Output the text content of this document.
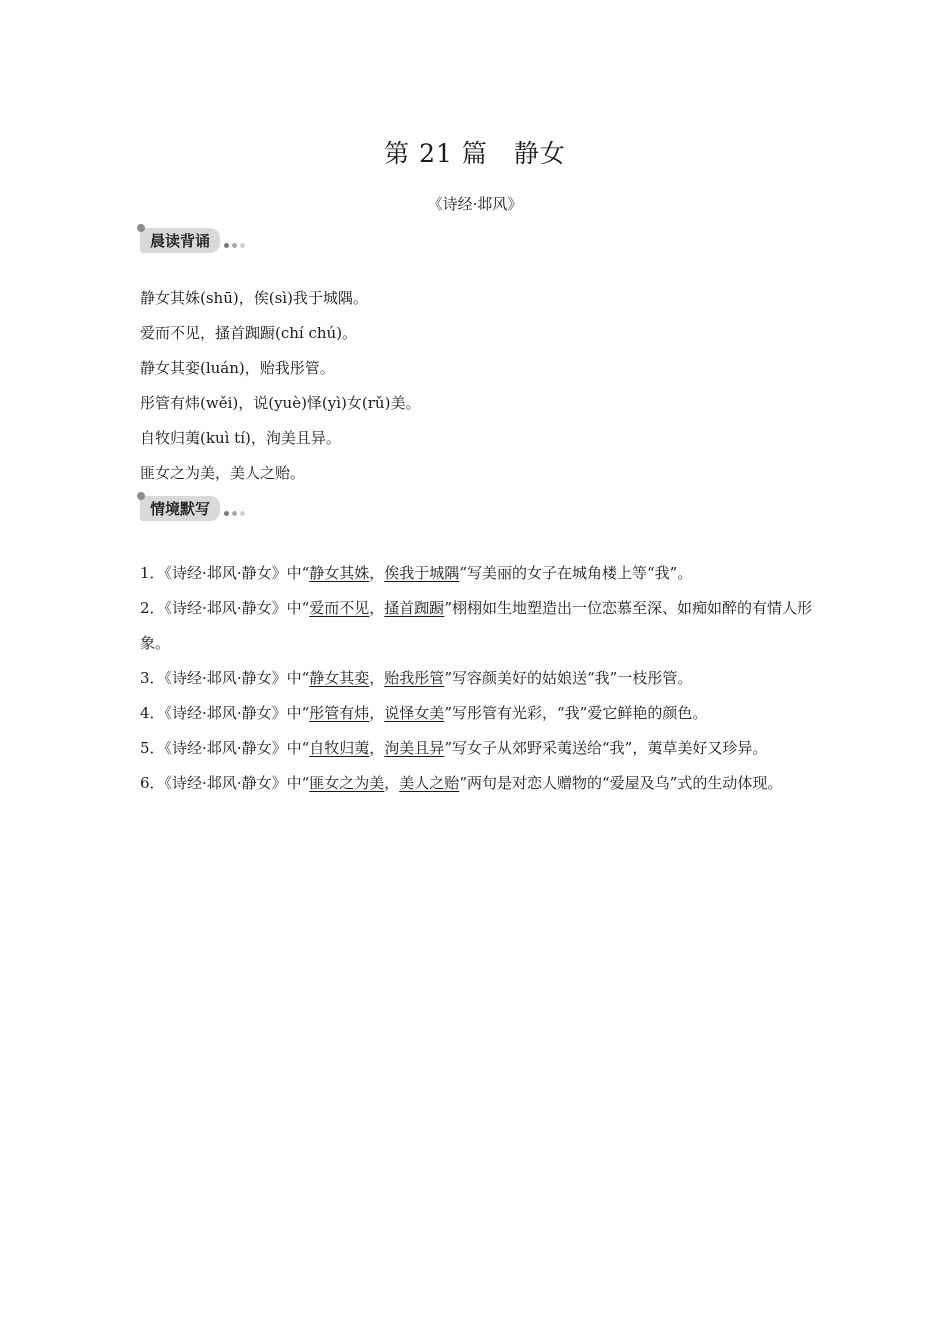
第 21 篇　静女
《诗经·邶风》
晨读背诵
静女其姝(shū)，俟(sì)我于城隅。
爱而不见，搔首踟蹰(chí chú)。
静女其娈(luán)，贻我彤管。
彤管有炜(wěi)，说(yuè)怿(yì)女(rǔ)美。
自牧归荑(kuì tí)，洵美且异。
匪女之为美，美人之贻。
情境默写
1．《诗经·邶风·静女》中“静女其姝，俟我于城隅”写美丽的女子在城角楼上等“我”。
2．《诗经·邶风·静女》中“爱而不见，搔首踟蹰”栩栩如生地塑造出一位恋慕至深、如痴如醉的有情人形象。
3．《诗经·邶风·静女》中“静女其娈，贻我彤管”写容颜美好的姑娘送“我”一枝彤管。
4．《诗经·邶风·静女》中“彤管有炜，说怿女美”写彤管有光彩，“我”爱它鲜艳的颜色。
5．《诗经·邶风·静女》中“自牧归荑，洵美且异”写女子从郊野采荑送给“我”，荑草美好又珍异。
6．《诗经·邶风·静女》中“匪女之为美，美人之贻”两句是对恋人赠物的“爱屋及乌”式的生动体现。
